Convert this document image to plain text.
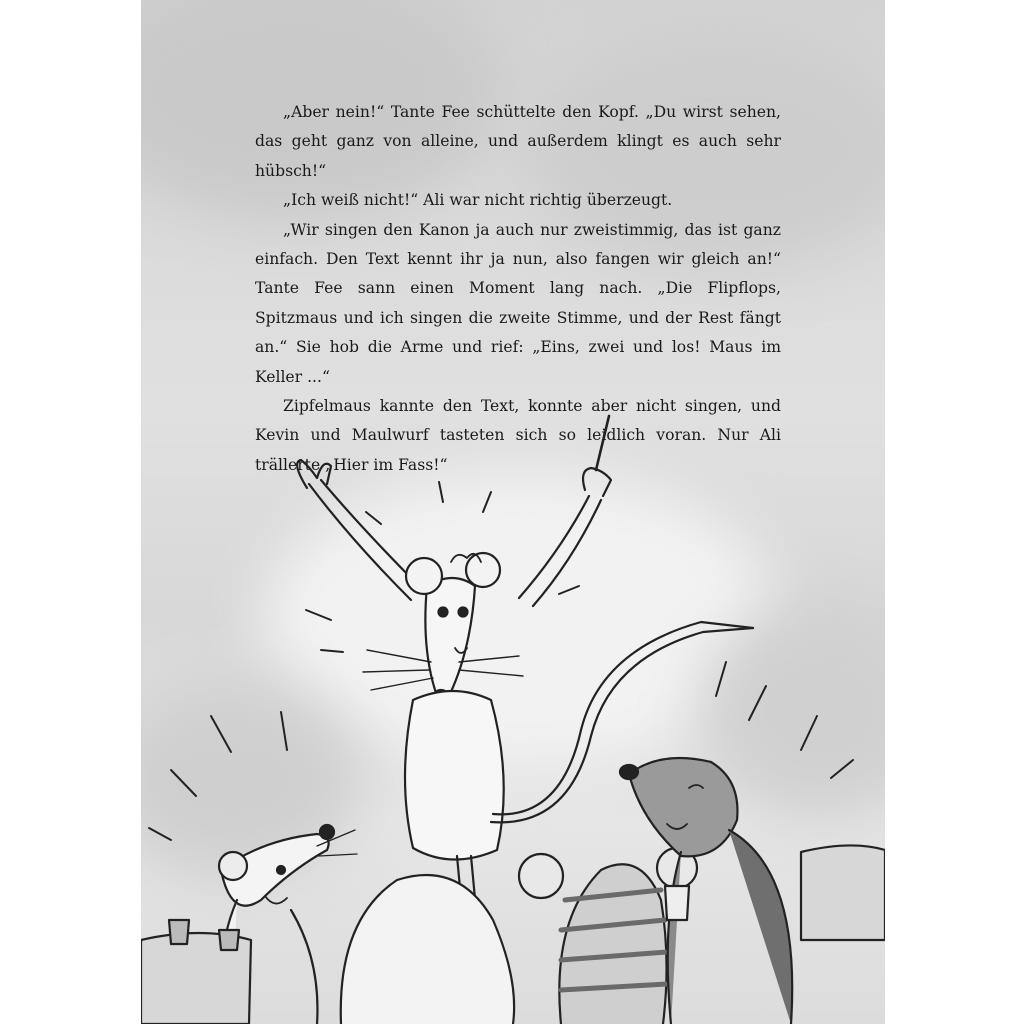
„Aber nein!“ Tante Fee schüttelte den Kopf. „Du wirst sehen, das geht ganz von alleine, und außerdem klingt es auch sehr hübsch!“

„Ich weiß nicht!“ Ali war nicht richtig überzeugt.

„Wir singen den Kanon ja auch nur zweistimmig, das ist ganz einfach. Den Text kennt ihr ja nun, also fangen wir gleich an!“ Tante Fee sann einen Moment lang nach. „Die Flipflops, Spitzmaus und ich singen die zweite Stimme, und der Rest fängt an.“ Sie hob die Arme und rief: „Eins, zwei und los! Maus im Keller ...“

Zipfelmaus kannte den Text, konnte aber nicht singen, und Kevin und Maulwurf tasteten sich so leidlich voran. Nur Ali trällerte „Hier im Fass!“
